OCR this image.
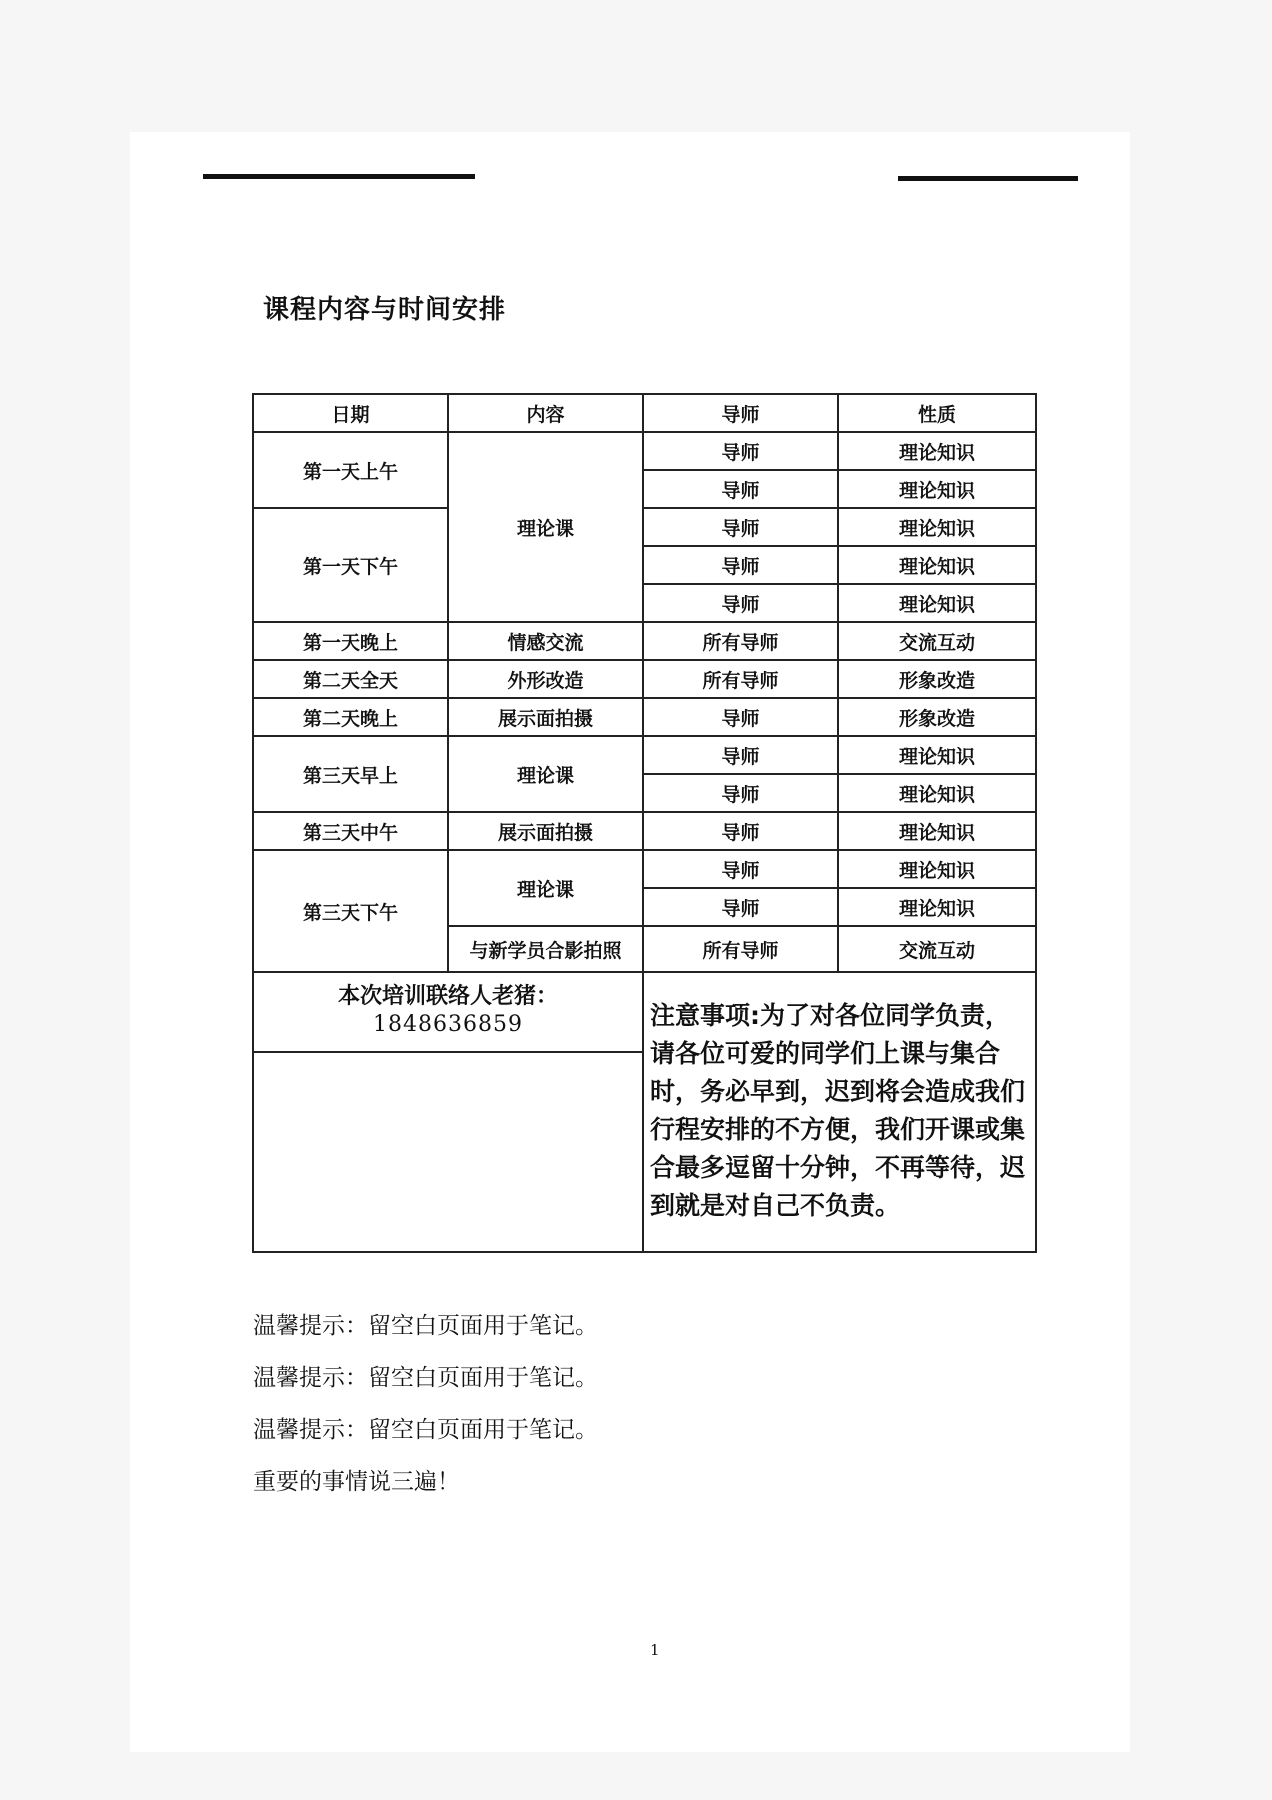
课程内容与时间安排
日期	内容	导师	性质
第一天上午	理论课	导师	理论知识
		导师	理论知识
第一天下午		导师	理论知识
		导师	理论知识
		导师	理论知识
第一天晚上	情感交流	所有导师	交流互动
第二天全天	外形改造	所有导师	形象改造
第二天晚上	展示面拍摄	导师	形象改造
第三天早上	理论课	导师	理论知识
		导师	理论知识
第三天中午	展示面拍摄	导师	理论知识
第三天下午	理论课	导师	理论知识
		导师	理论知识
	与新学员合影拍照	所有导师	交流互动
本次培训联络人老猪：
1848636859		注意事项:为了对各位同学负责，请各位可爱的同学们上课与集合时，务必早到，迟到将会造成我们行程安排的不方便，我们开课或集合最多逗留十分钟，不再等待，迟到就是对自己不负责。	

温馨提示：留空白页面用于笔记。
温馨提示：留空白页面用于笔记。
温馨提示：留空白页面用于笔记。
重要的事情说三遍！
1
